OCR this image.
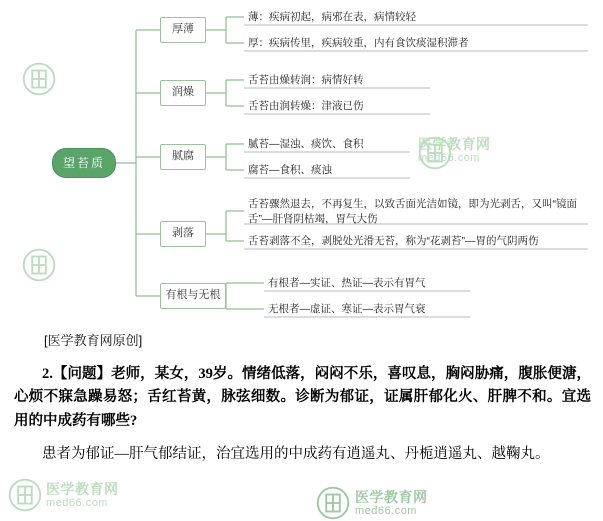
望苔质
厚薄
润燥
腻腐
剥落
有根与无根
薄：疾病初起，病邪在表，病情较轻
厚：疾病传里，疾病较重，内有食饮痰湿积滞者
舌苔由燥转润：病情好转
舌苔由润转燥：津液已伤
腻苔—湿浊、痰饮、食积
腐苔—食积、痰浊
舌苔骤然退去，不再复生，以致舌面光洁如镜，即为光剥舌，又叫“镜面舌”—肝肾阴枯竭，胃气大伤
舌苔剥落不全，剥脱处光滑无苔，称为“花剥苔”—胃的气阴两伤
有根者—实证、热证—表示有胃气
无根者—虚证、寒证—表示胃气衰
医学教育网
med66.com
[医学教育网原创]

2.【问题】老师，某女，39岁。情绪低落，闷闷不乐，喜叹息，胸闷胁痛，腹胀便溏，心烦不寐急躁易怒；舌红苔黄，脉弦细数。诊断为郁证，证属肝郁化火、肝脾不和。宜选用的中成药有哪些?

患者为郁证—肝气郁结证，治宜选用的中成药有逍遥丸、丹栀逍遥丸、越鞠丸。

医学教育网
med66.com	医学教育网
med66.com
